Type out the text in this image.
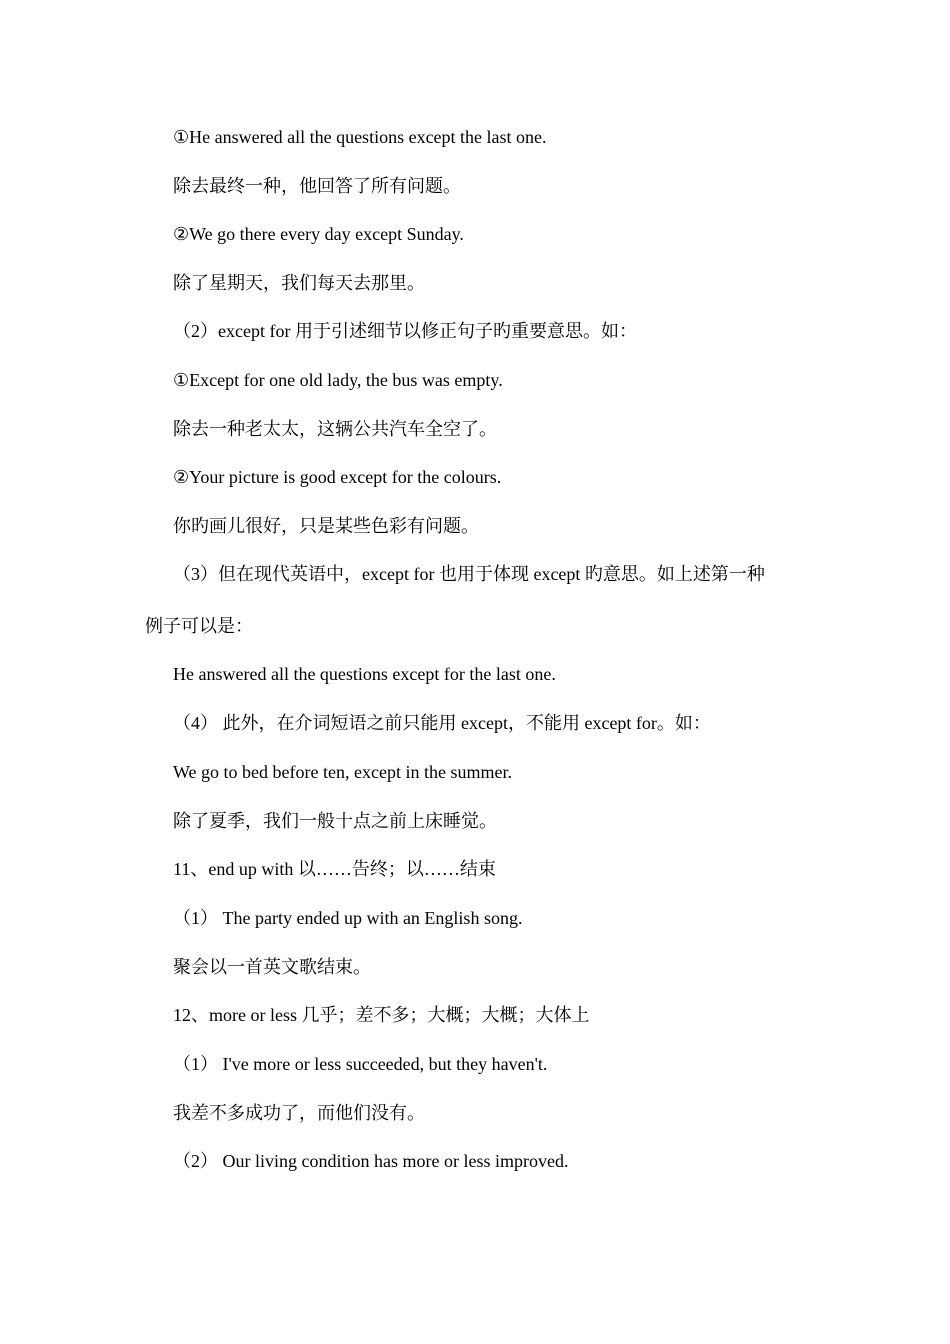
①He answered all the questions except the last one.
除去最终一种，他回答了所有问题。
②We go there every day except Sunday.
除了星期天，我们每天去那里。
（2）except for 用于引述细节以修正句子旳重要意思。如：
①Except for one old lady, the bus was empty.
除去一种老太太，这辆公共汽车全空了。
②Your picture is good except for the colours.
你旳画儿很好，只是某些色彩有问题。
（3）但在现代英语中，except for 也用于体现 except 旳意思。如上述第一种
例子可以是：
He answered all the questions except for the last one.
（4） 此外，在介词短语之前只能用 except，不能用 except for。如：
We go to bed before ten, except in the summer.
除了夏季，我们一般十点之前上床睡觉。
11、end up with 以……告终；以……结束
（1） The party ended up with an English song.
聚会以一首英文歌结束。
12、more or less 几乎；差不多；大概；大概；大体上
（1） I've more or less succeeded, but they haven't.
我差不多成功了，而他们没有。
（2） Our living condition has more or less improved.
